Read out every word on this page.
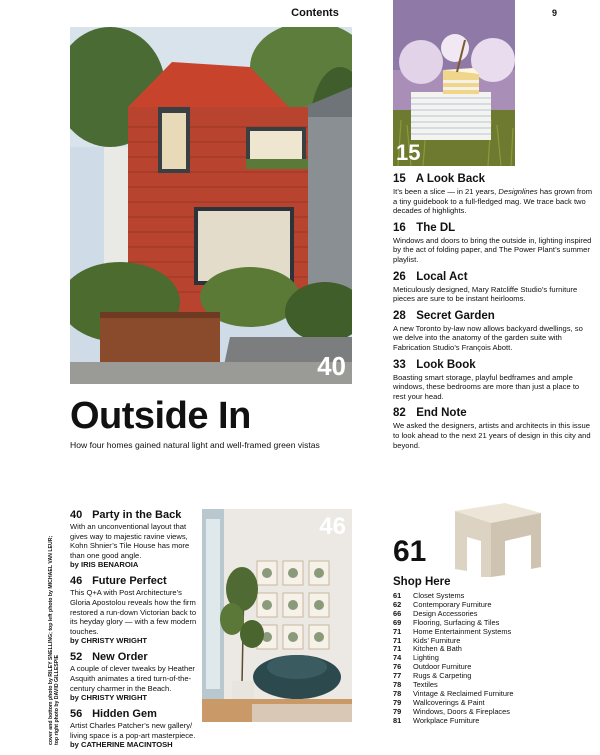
Contents	9
40
15
15 A Look Back
It’s been a slice — in 21 years, Designlines has grown from a tiny guidebook to a full-fledged mag. We trace back two decades of highlights.
16 The DL
Windows and doors to bring the outside in, lighting inspired by the act of folding paper, and The Power Plant’s summer playlist.
26 Local Act
Meticulously designed, Mary Ratcliffe Studio’s furniture pieces are sure to be instant heirlooms.
28 Secret Garden
A new Toronto by-law now allows backyard dwellings, so we delve into the anatomy of the garden suite with Fabrication Studio’s François Abott.
33 Look Book
Boasting smart storage, playful bedframes and ample windows, these bedrooms are more than just a place to rest your head.
82 End Note
We asked the designers, artists and architects in this issue to look ahead to the next 21 years of design in this city and beyond.
Outside In
How four homes gained natural light and well-framed green vistas
cover and bottom photo by RILEY SNELLING; top left photo by MICHAEL VAN LEUR; top right photo by DAVID GILLESPIE
40 Party in the Back
With an unconventional layout that gives way to majestic ravine views, Kohn Shnier’s Tile House has more than one good angle.
by IRIS BENAROIA
46 Future Perfect
This Q+A with Post Architecture’s Gloria Apostolou reveals how the firm restored a run-down Victorian back to its heyday glory — with a few modern touches.
by CHRISTY WRIGHT
52 New Order
A couple of clever tweaks by Heather Asquith animates a tired turn-of-the-century charmer in the Beach.
by CHRISTY WRIGHT
56 Hidden Gem
Artist Charles Patcher’s new gallery/ living space is a pop-art masterpiece.
by CATHERINE MACINTOSH
46
61
Shop Here
61 Closet Systems
62 Contemporary Furniture
66 Design Accessories
69 Flooring, Surfacing & Tiles
71 Home Entertainment Systems
71 Kids’ Furniture
71 Kitchen & Bath
74 Lighting
76 Outdoor Furniture
77 Rugs & Carpeting
78 Textiles
78 Vintage & Reclaimed Furniture
79 Wallcoverings & Paint
79 Windows, Doors & Fireplaces
81 Workplace Furniture
